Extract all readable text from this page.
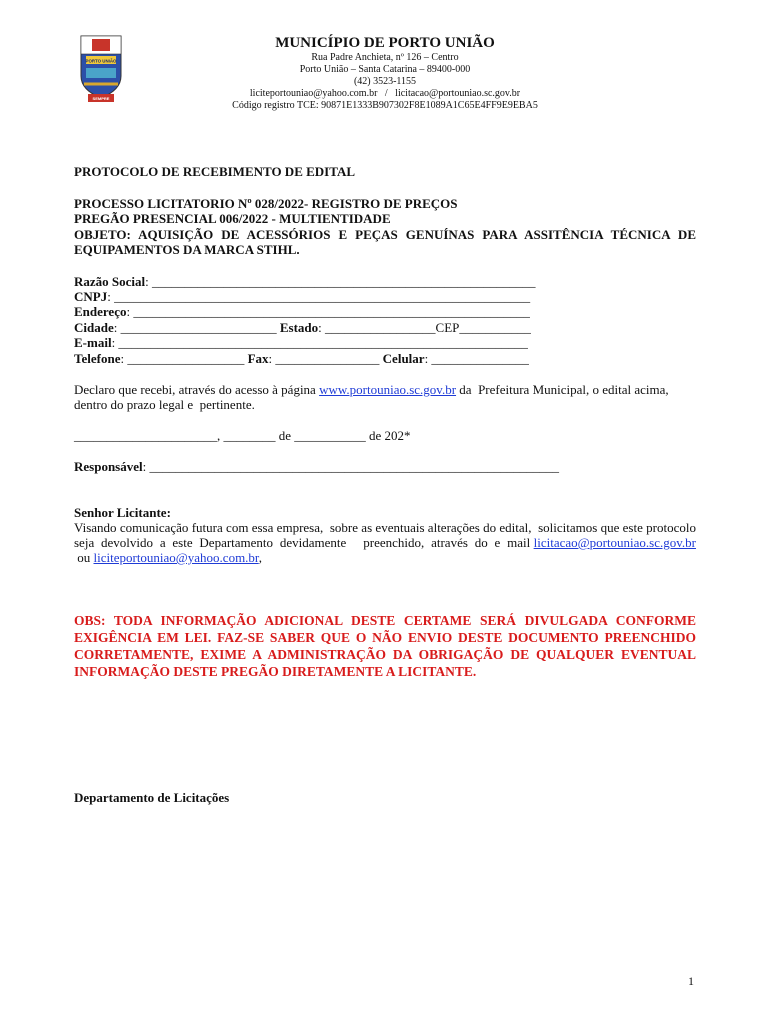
PORTO UNIÃO
SEMPRE
MUNICÍPIO DE PORTO UNIÃO
Rua Padre Anchieta, nº 126 – Centro
Porto União – Santa Catarina – 89400-000
(42) 3523-1155
liciteportouniao@yahoo.com.br   /   licitacao@portouniao.sc.gov.br
Código registro TCE: 90871E1333B907302F8E1089A1C65E4FF9E9EBA5
PROTOCOLO DE RECEBIMENTO DE EDITAL
PROCESSO LICITATORIO Nº 028/2022- REGISTRO DE PREÇOS
PREGÃO PRESENCIAL 006/2022 - MULTIENTIDADE
OBJETO: AQUISIÇÃO DE ACESSÓRIOS E PEÇAS GENUÍNAS PARA ASSITÊNCIA TÉCNICA DE EQUIPAMENTOS DA MARCA STIHL.
Razão Social: ___________________________________________________________
CNPJ: ________________________________________________________________
Endereço: _____________________________________________________________
Cidade: ________________________ Estado: _________________CEP___________
E-mail: _______________________________________________________________
Telefone: __________________ Fax: ________________ Celular: _______________
Declaro que recebi, através do acesso à página www.portouniao.sc.gov.br da  Prefeitura Municipal, o edital acima, dentro do prazo legal e  pertinente.
______________________, ________ de ___________ de 202*
Responsável: _______________________________________________________________
Senhor Licitante:
Visando comunicação futura com essa empresa,  sobre as eventuais alterações do edital,  solicitamos que este protocolo  seja  devolvido  a  este  Departamento  devidamente     preenchido,  através  do  e  mail licitacao@portouniao.sc.gov.br ou liciteportouniao@yahoo.com.br,
OBS: TODA INFORMAÇÃO ADICIONAL DESTE CERTAME SERÁ DIVULGADA CONFORME EXIGÊNCIA EM LEI. FAZ-SE SABER QUE O NÃO ENVIO DESTE DOCUMENTO PREENCHIDO CORRETAMENTE, EXIME A ADMINISTRAÇÃO DA OBRIGAÇÃO DE QUALQUER EVENTUAL INFORMAÇÃO DESTE PREGÃO DIRETAMENTE A LICITANTE.
Departamento de Licitações
1
